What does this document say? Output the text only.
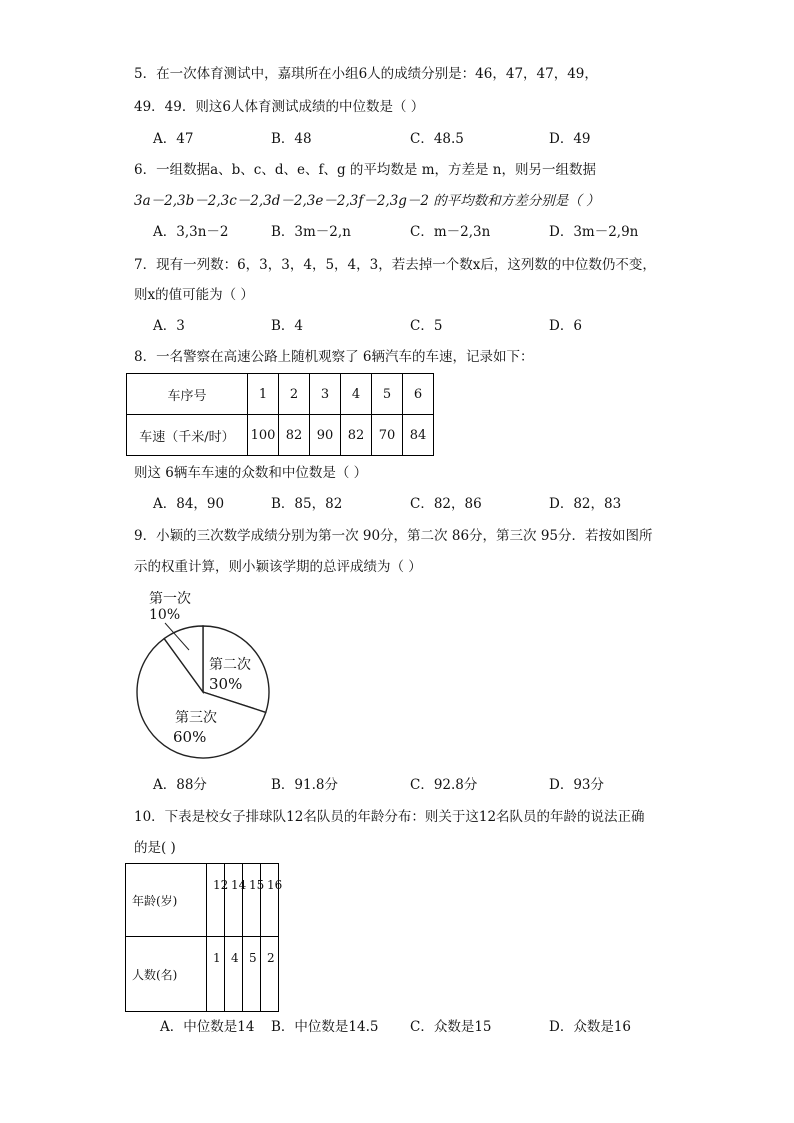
5．在一次体育测试中，嘉琪所在小组6人的成绩分别是：46，47，47，49，
49．49．则这6人体育测试成绩的中位数是（ ）
A．47	B．48	C．48.5	D．49
6．一组数据a、b、c、d、e、f、g 的平均数是 m，方差是 n，则另一组数据
3a－2,3b－2,3c－2,3d－2,3e－2,3f－2,3g－2 的平均数和方差分别是（ ）
A．3,3n－2	B．3m－2,n	C．m－2,3n	D．3m－2,9n
7．现有一列数：6，3，3，4，5，4，3，若去掉一个数x后，这列数的中位数仍不变，
则x的值可能为（ ）
A．3	B．4	C．5	D．6
8．一名警察在高速公路上随机观察了 6辆汽车的车速，记录如下：
车序号	1	2	3	4	5	6
车速（千米/时）	100	82	90	82	70	84
则这 6辆车车速的众数和中位数是（ ）
A．84，90	B．85，82	C．82，86	D．82，83
9．小颖的三次数学成绩分别为第一次 90分，第二次 86分，第三次 95分．若按如图所
示的权重计算，则小颖该学期的总评成绩为（ ）
第一次
10%
第二次
30%
第三次
60%
A．88分	B．91.8分	C．92.8分	D．93分
10．下表是校女子排球队12名队员的年龄分布：则关于这12名队员的年龄的说法正确
的是( )
年龄(岁)	12	14	15	16

人数(名)	1	4	5	2
A．中位数是14 B．中位数是14.5 C．众数是15	D．众数是16
